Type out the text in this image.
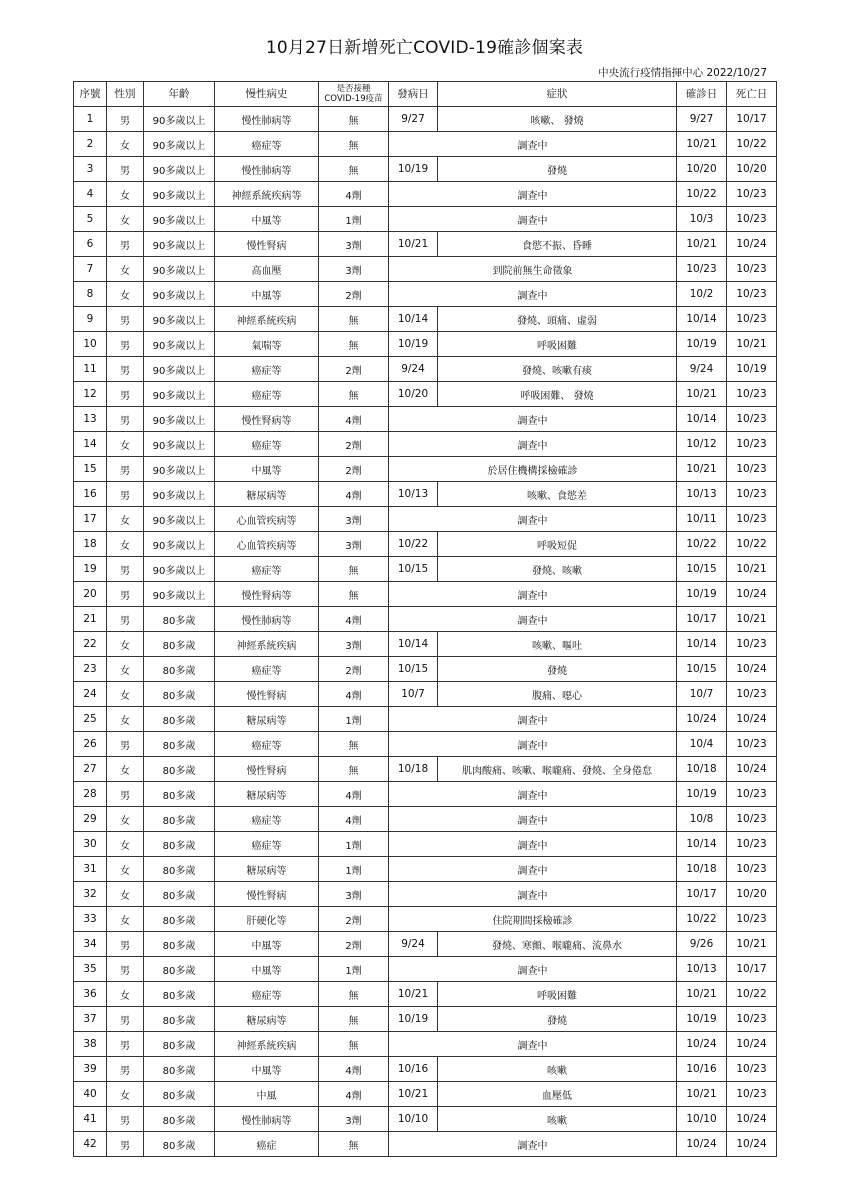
10月27日新增死亡COVID-19確診個案表
中央流行疫情指揮中心 2022/10/27
序號	性別	年齡	慢性病史	是否接種
COVID-19疫苗	發病日	症狀	確診日	死亡日
1	男	90多歲以上	慢性肺病等	無	9/27	咳嗽、 發燒	9/27	10/17
2	女	90多歲以上	癌症等	無	調查中		10/21	10/22
3	男	90多歲以上	慢性肺病等	無	10/19	發燒	10/20	10/20
4	女	90多歲以上	神經系統疾病等	4劑	調查中		10/22	10/23
5	女	90多歲以上	中風等	1劑	調查中		10/3	10/23
6	男	90多歲以上	慢性腎病	3劑	10/21	食慾不振、昏睡	10/21	10/24
7	女	90多歲以上	高血壓	3劑	到院前無生命徵象		10/23	10/23
8	女	90多歲以上	中風等	2劑	調查中		10/2	10/23
9	男	90多歲以上	神經系統疾病	無	10/14	發燒、頭痛、虛弱	10/14	10/23
10	男	90多歲以上	氣喘等	無	10/19	呼吸困難	10/19	10/21
11	男	90多歲以上	癌症等	2劑	9/24	發燒、咳嗽有痰	9/24	10/19
12	男	90多歲以上	癌症等	無	10/20	呼吸困難、 發燒	10/21	10/23
13	男	90多歲以上	慢性腎病等	4劑	調查中		10/14	10/23
14	女	90多歲以上	癌症等	2劑	調查中		10/12	10/23
15	男	90多歲以上	中風等	2劑	於居住機構採檢確診		10/21	10/23
16	男	90多歲以上	糖尿病等	4劑	10/13	咳嗽、食慾差	10/13	10/23
17	女	90多歲以上	心血管疾病等	3劑	調查中		10/11	10/23
18	女	90多歲以上	心血管疾病等	3劑	10/22	呼吸短促	10/22	10/22
19	男	90多歲以上	癌症等	無	10/15	發燒、咳嗽	10/15	10/21
20	男	90多歲以上	慢性腎病等	無	調查中		10/19	10/24
21	男	80多歲	慢性肺病等	4劑	調查中		10/17	10/21
22	女	80多歲	神經系統疾病	3劑	10/14	咳嗽、嘔吐	10/14	10/23
23	女	80多歲	癌症等	2劑	10/15	發燒	10/15	10/24
24	女	80多歲	慢性腎病	4劑	10/7	腹痛、噁心	10/7	10/23
25	女	80多歲	糖尿病等	1劑	調查中		10/24	10/24
26	男	80多歲	癌症等	無	調查中		10/4	10/23
27	女	80多歲	慢性腎病	無	10/18	肌肉酸痛、咳嗽、喉嚨痛、發燒、全身倦怠	10/18	10/24
28	男	80多歲	糖尿病等	4劑	調查中		10/19	10/23
29	女	80多歲	癌症等	4劑	調查中		10/8	10/23
30	女	80多歲	癌症等	1劑	調查中		10/14	10/23
31	女	80多歲	糖尿病等	1劑	調查中		10/18	10/23
32	女	80多歲	慢性腎病	3劑	調查中		10/17	10/20
33	女	80多歲	肝硬化等	2劑	住院期間採檢確診		10/22	10/23
34	男	80多歲	中風等	2劑	9/24	發燒、寒顫、喉嚨痛、流鼻水	9/26	10/21
35	男	80多歲	中風等	1劑	調查中		10/13	10/17
36	女	80多歲	癌症等	無	10/21	呼吸困難	10/21	10/22
37	男	80多歲	糖尿病等	無	10/19	發燒	10/19	10/23
38	男	80多歲	神經系統疾病	無	調查中		10/24	10/24
39	男	80多歲	中風等	4劑	10/16	咳嗽	10/16	10/23
40	女	80多歲	中風	4劑	10/21	血壓低	10/21	10/23
41	男	80多歲	慢性肺病等	3劑	10/10	咳嗽	10/10	10/24
42	男	80多歲	癌症	無	調查中		10/24	10/24
